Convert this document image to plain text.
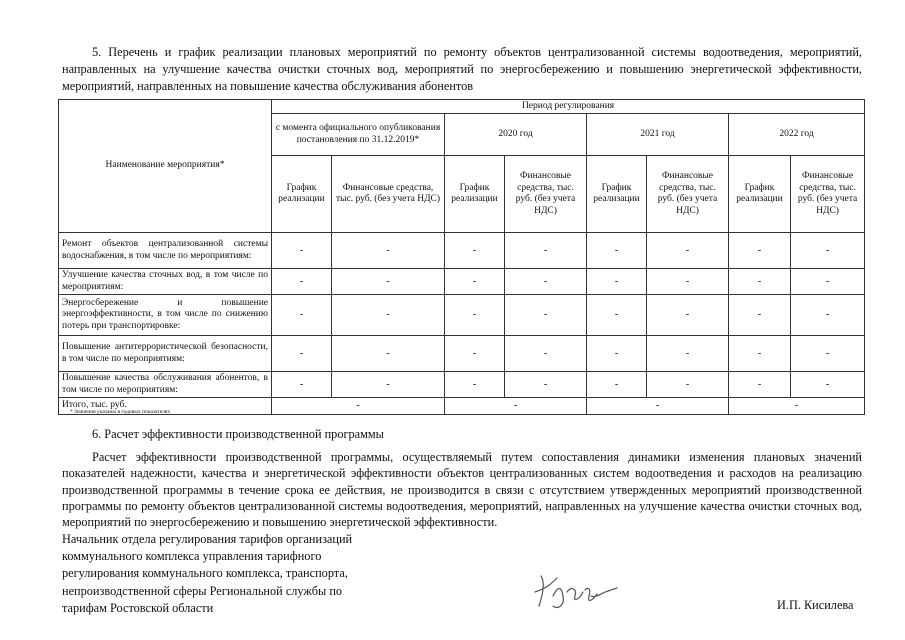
5. Перечень и график реализации плановых мероприятий по ремонту объектов централизованной системы водоотведения, мероприятий, направленных на улучшение качества очистки сточных вод, мероприятий по энергосбережению и повышению энергетической эффективности, мероприятий, направленных на повышение качества обслуживания абонентов
Наименование мероприятия*	Период регулирования							
	с момента официального опубликования постановления по 31.12.2019*		2020 год		2021 год		2022 год	
	График реализации	Финансовые средства, тыс. руб. (без учета НДС)	График реализации	Финансовые средства, тыс. руб. (без учета НДС)	График реализации	Финансовые средства, тыс. руб. (без учета НДС)	График реализации	Финансовые средства, тыс. руб. (без учета НДС)
Ремонт объектов централизованной системы водоснабжения, в том числе по мероприятиям:	-	-	-	-	-	-	-	-
Улучшение качества сточных вод, в том числе по мероприятиям:	-	-	-	-	-	-	-	-
Энергосбережение и повышение энергоэффективности, в том числе по снижению потерь при транспортировке:	-	-	-	-	-	-	-	-
Повышение антитеррористической безопасности, в том числе по мероприятиям:	-	-	-	-	-	-	-	-
Повышение качества обслуживания абонентов, в том числе по мероприятиям:	-	-	-	-	-	-	-	-
Итого, тыс. руб.	-		-		-		-	
* Значения указаны в годовых показателях
6. Расчет эффективности производственной программы
Расчет эффективности производственной программы, осуществляемый путем сопоставления динамики изменения плановых значений показателей надежности, качества и энергетической эффективности объектов централизованных систем водоотведения и расходов на реализацию производственной программы в течение срока ее действия, не производится в связи с отсутствием утвержденных мероприятий производственной программы по ремонту объектов централизованной системы водоотведения, мероприятий, направленных на улучшение качества очистки сточных вод, мероприятий по энергосбережению и повышению энергетической эффективности.
Начальник отдела регулирования тарифов организаций коммунального комплекса управления тарифного регулирования коммунального комплекса, транспорта, непроизводственной сферы Региональной службы по тарифам Ростовской области	И.П. Кисилева
